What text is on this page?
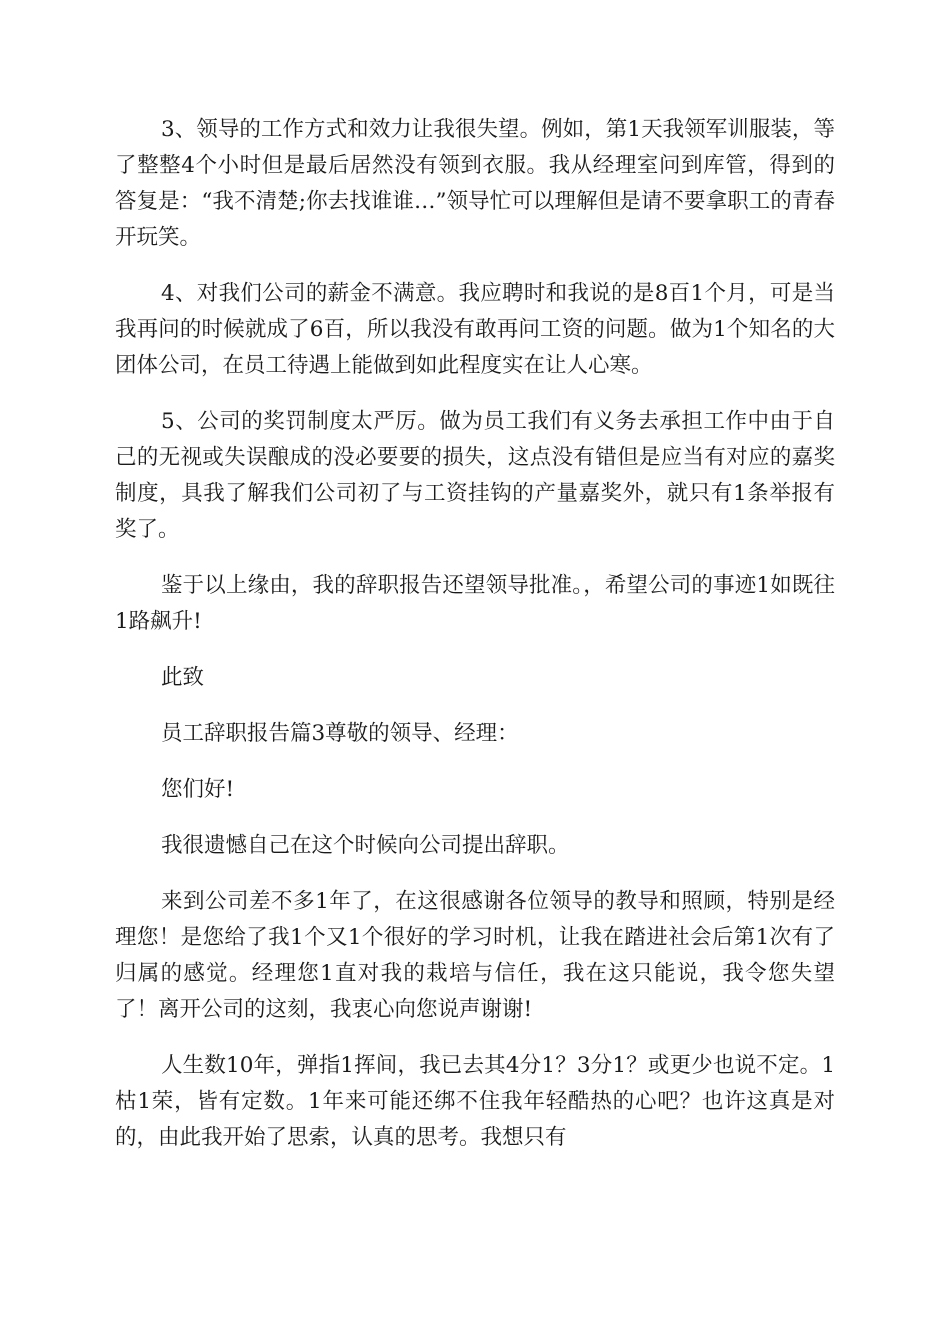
3、领导的工作方式和效力让我很失望。例如，第1天我领军训服装，等了整整4个小时但是最后居然没有领到衣服。我从经理室问到库管，得到的答复是：“我不清楚;你去找谁谁…”领导忙可以理解但是请不要拿职工的青春开玩笑。

4、对我们公司的薪金不满意。我应聘时和我说的是8百1个月，可是当我再问的时候就成了6百，所以我没有敢再问工资的问题。做为1个知名的大团体公司，在员工待遇上能做到如此程度实在让人心寒。

5、公司的奖罚制度太严厉。做为员工我们有义务去承担工作中由于自己的无视或失误酿成的没必要要的损失，这点没有错但是应当有对应的嘉奖制度，具我了解我们公司初了与工资挂钩的产量嘉奖外，就只有1条举报有奖了。

鉴于以上缘由，我的辞职报告还望领导批准。，希望公司的事迹1如既往1路飙升!

此致

员工辞职报告篇3尊敬的领导、经理：

您们好!

我很遗憾自己在这个时候向公司提出辞职。

来到公司差不多1年了，在这很感谢各位领导的教导和照顾，特别是经理您！是您给了我1个又1个很好的学习时机，让我在踏进社会后第1次有了归属的感觉。经理您1直对我的栽培与信任，我在这只能说，我令您失望了！离开公司的这刻，我衷心向您说声谢谢!

人生数10年，弹指1挥间，我已去其4分1？3分1？或更少也说不定。1枯1荣，皆有定数。1年来可能还绑不住我年轻酷热的心吧？也许这真是对的，由此我开始了思索，认真的思考。我想只有
